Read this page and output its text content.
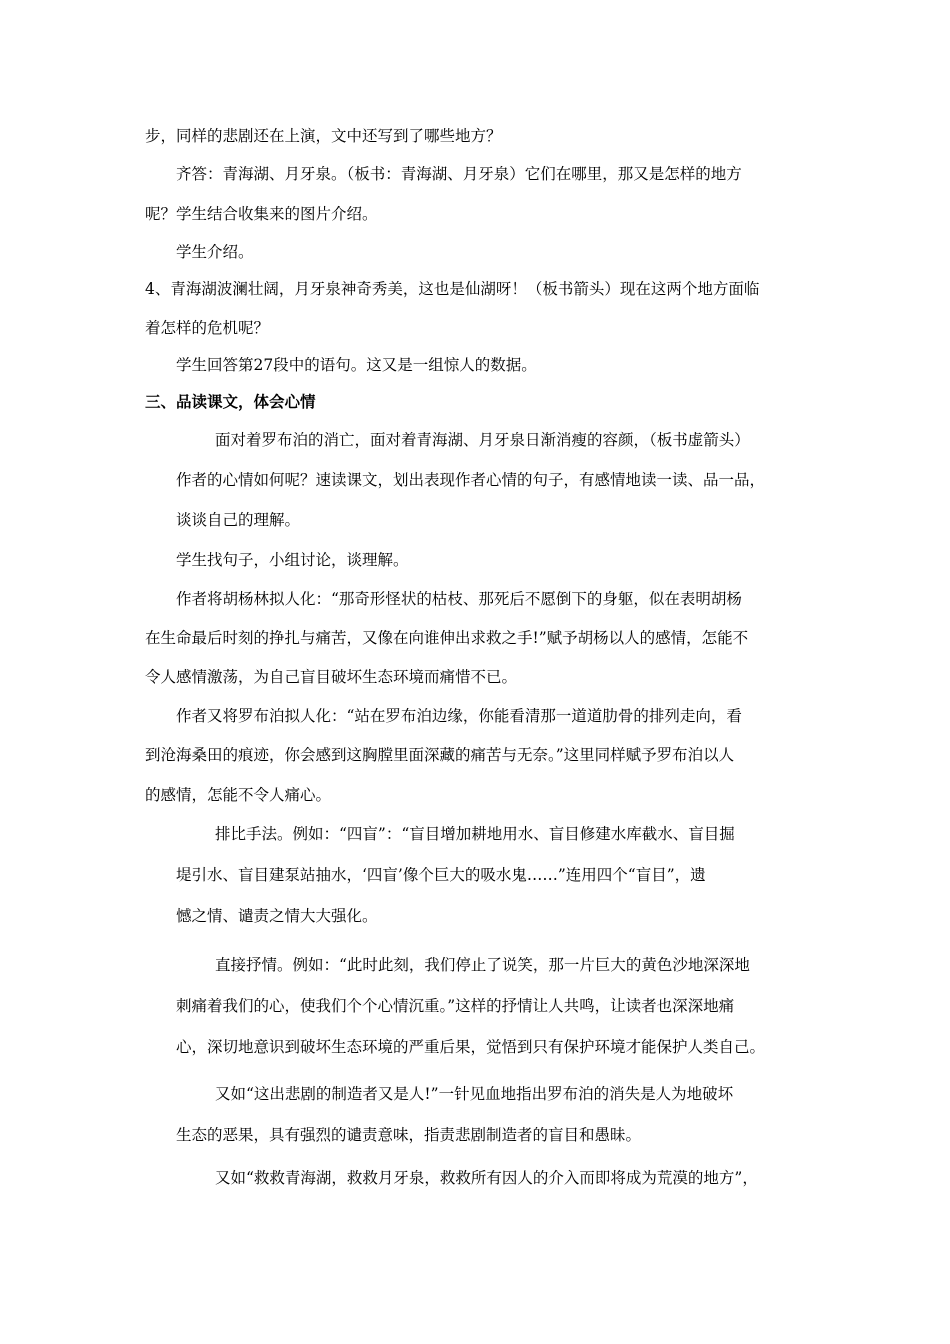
步，同样的悲剧还在上演，文中还写到了哪些地方？
齐答：青海湖、月牙泉。（板书：青海湖、月牙泉）它们在哪里，那又是怎样的地方
呢？学生结合收集来的图片介绍。
学生介绍。
4、青海湖波澜壮阔，月牙泉神奇秀美，这也是仙湖呀！（板书箭头）现在这两个地方面临
着怎样的危机呢？
学生回答第27段中的语句。这又是一组惊人的数据。
三、品读课文，体会心情
面对着罗布泊的消亡，面对着青海湖、月牙泉日渐消瘦的容颜，（板书虚箭头）
作者的心情如何呢？速读课文，划出表现作者心情的句子，有感情地读一读、品一品，
谈谈自己的理解。
学生找句子，小组讨论，谈理解。
作者将胡杨林拟人化：“那奇形怪状的枯枝、那死后不愿倒下的身躯，似在表明胡杨
在生命最后时刻的挣扎与痛苦，又像在向谁伸出求救之手!”赋予胡杨以人的感情，怎能不
令人感情激荡，为自己盲目破坏生态环境而痛惜不已。
作者又将罗布泊拟人化：“站在罗布泊边缘，你能看清那一道道肋骨的排列走向，看
到沧海桑田的痕迹，你会感到这胸膛里面深藏的痛苦与无奈。”这里同样赋予罗布泊以人
的感情，怎能不令人痛心。
排比手法。例如：“四盲”：“盲目增加耕地用水、盲目修建水库截水、盲目掘
堤引水、盲目建泵站抽水，‘四盲’像个巨大的吸水鬼……”连用四个“盲目”，遗
憾之情、谴责之情大大强化。
直接抒情。例如：“此时此刻，我们停止了说笑，那一片巨大的黄色沙地深深地
刺痛着我们的心，使我们个个心情沉重。”这样的抒情让人共鸣，让读者也深深地痛
心，深切地意识到破坏生态环境的严重后果，觉悟到只有保护环境才能保护人类自己。
又如“这出悲剧的制造者又是人!”一针见血地指出罗布泊的消失是人为地破坏
生态的恶果，具有强烈的谴责意味，指责悲剧制造者的盲目和愚昧。
又如“救救青海湖，救救月牙泉，救救所有因人的介入而即将成为荒漠的地方”，
